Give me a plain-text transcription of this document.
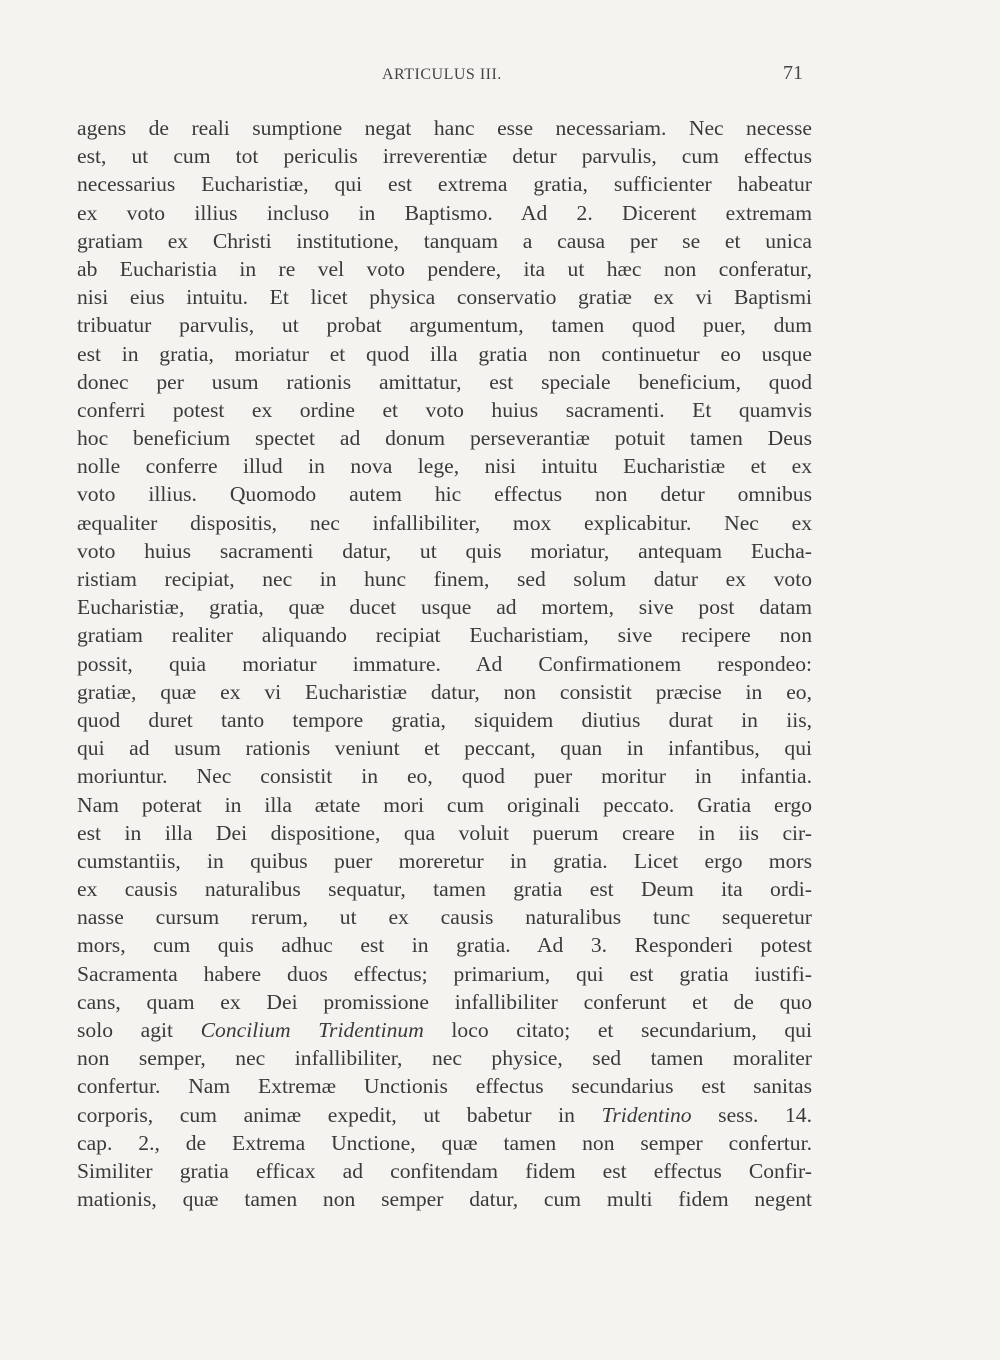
ARTICULUS III.	71
agens de reali sumptione negat hanc esse necessariam. Nec necesse
est, ut cum tot periculis irreverentiæ detur parvulis, cum effectus
necessarius Eucharistiæ, qui est extrema gratia, sufficienter habeatur
ex voto illius incluso in Baptismo. Ad 2. Dicerent extremam
gratiam ex Christi institutione, tanquam a causa per se et unica
ab Eucharistia in re vel voto pendere, ita ut hæc non conferatur,
nisi eius intuitu. Et licet physica conservatio gratiæ ex vi Baptismi
tribuatur parvulis, ut probat argumentum, tamen quod puer, dum
est in gratia, moriatur et quod illa gratia non continuetur eo usque
donec per usum rationis amittatur, est speciale beneficium, quod
conferri potest ex ordine et voto huius sacramenti. Et quamvis
hoc beneficium spectet ad donum perseverantiæ potuit tamen Deus
nolle conferre illud in nova lege, nisi intuitu Eucharistiæ et ex
voto illius. Quomodo autem hic effectus non detur omnibus
æqualiter dispositis, nec infallibiliter, mox explicabitur. Nec ex
voto huius sacramenti datur, ut quis moriatur, antequam Eucha-
ristiam recipiat, nec in hunc finem, sed solum datur ex voto
Eucharistiæ, gratia, quæ ducet usque ad mortem, sive post datam
gratiam realiter aliquando recipiat Eucharistiam, sive recipere non
possit, quia moriatur immature. Ad Confirmationem respondeo:
gratiæ, quæ ex vi Eucharistiæ datur, non consistit præcise in eo,
quod duret tanto tempore gratia, siquidem diutius durat in iis,
qui ad usum rationis veniunt et peccant, quan in infantibus, qui
moriuntur. Nec consistit in eo, quod puer moritur in infantia.
Nam poterat in illa ætate mori cum originali peccato. Gratia ergo
est in illa Dei dispositione, qua voluit puerum creare in iis cir-
cumstantiis, in quibus puer moreretur in gratia. Licet ergo mors
ex causis naturalibus sequatur, tamen gratia est Deum ita ordi-
nasse cursum rerum, ut ex causis naturalibus tunc sequeretur
mors, cum quis adhuc est in gratia. Ad 3. Responderi potest
Sacramenta habere duos effectus; primarium, qui est gratia iustifi-
cans, quam ex Dei promissione infallibiliter conferunt et de quo
solo agit Concilium Tridentinum loco citato; et secundarium, qui
non semper, nec infallibiliter, nec physice, sed tamen moraliter
confertur. Nam Extremæ Unctionis effectus secundarius est sanitas
corporis, cum animæ expedit, ut babetur in Tridentino sess. 14.
cap. 2., de Extrema Unctione, quæ tamen non semper confertur.
Similiter gratia efficax ad confitendam fidem est effectus Confir-
mationis, quæ tamen non semper datur, cum multi fidem negent
